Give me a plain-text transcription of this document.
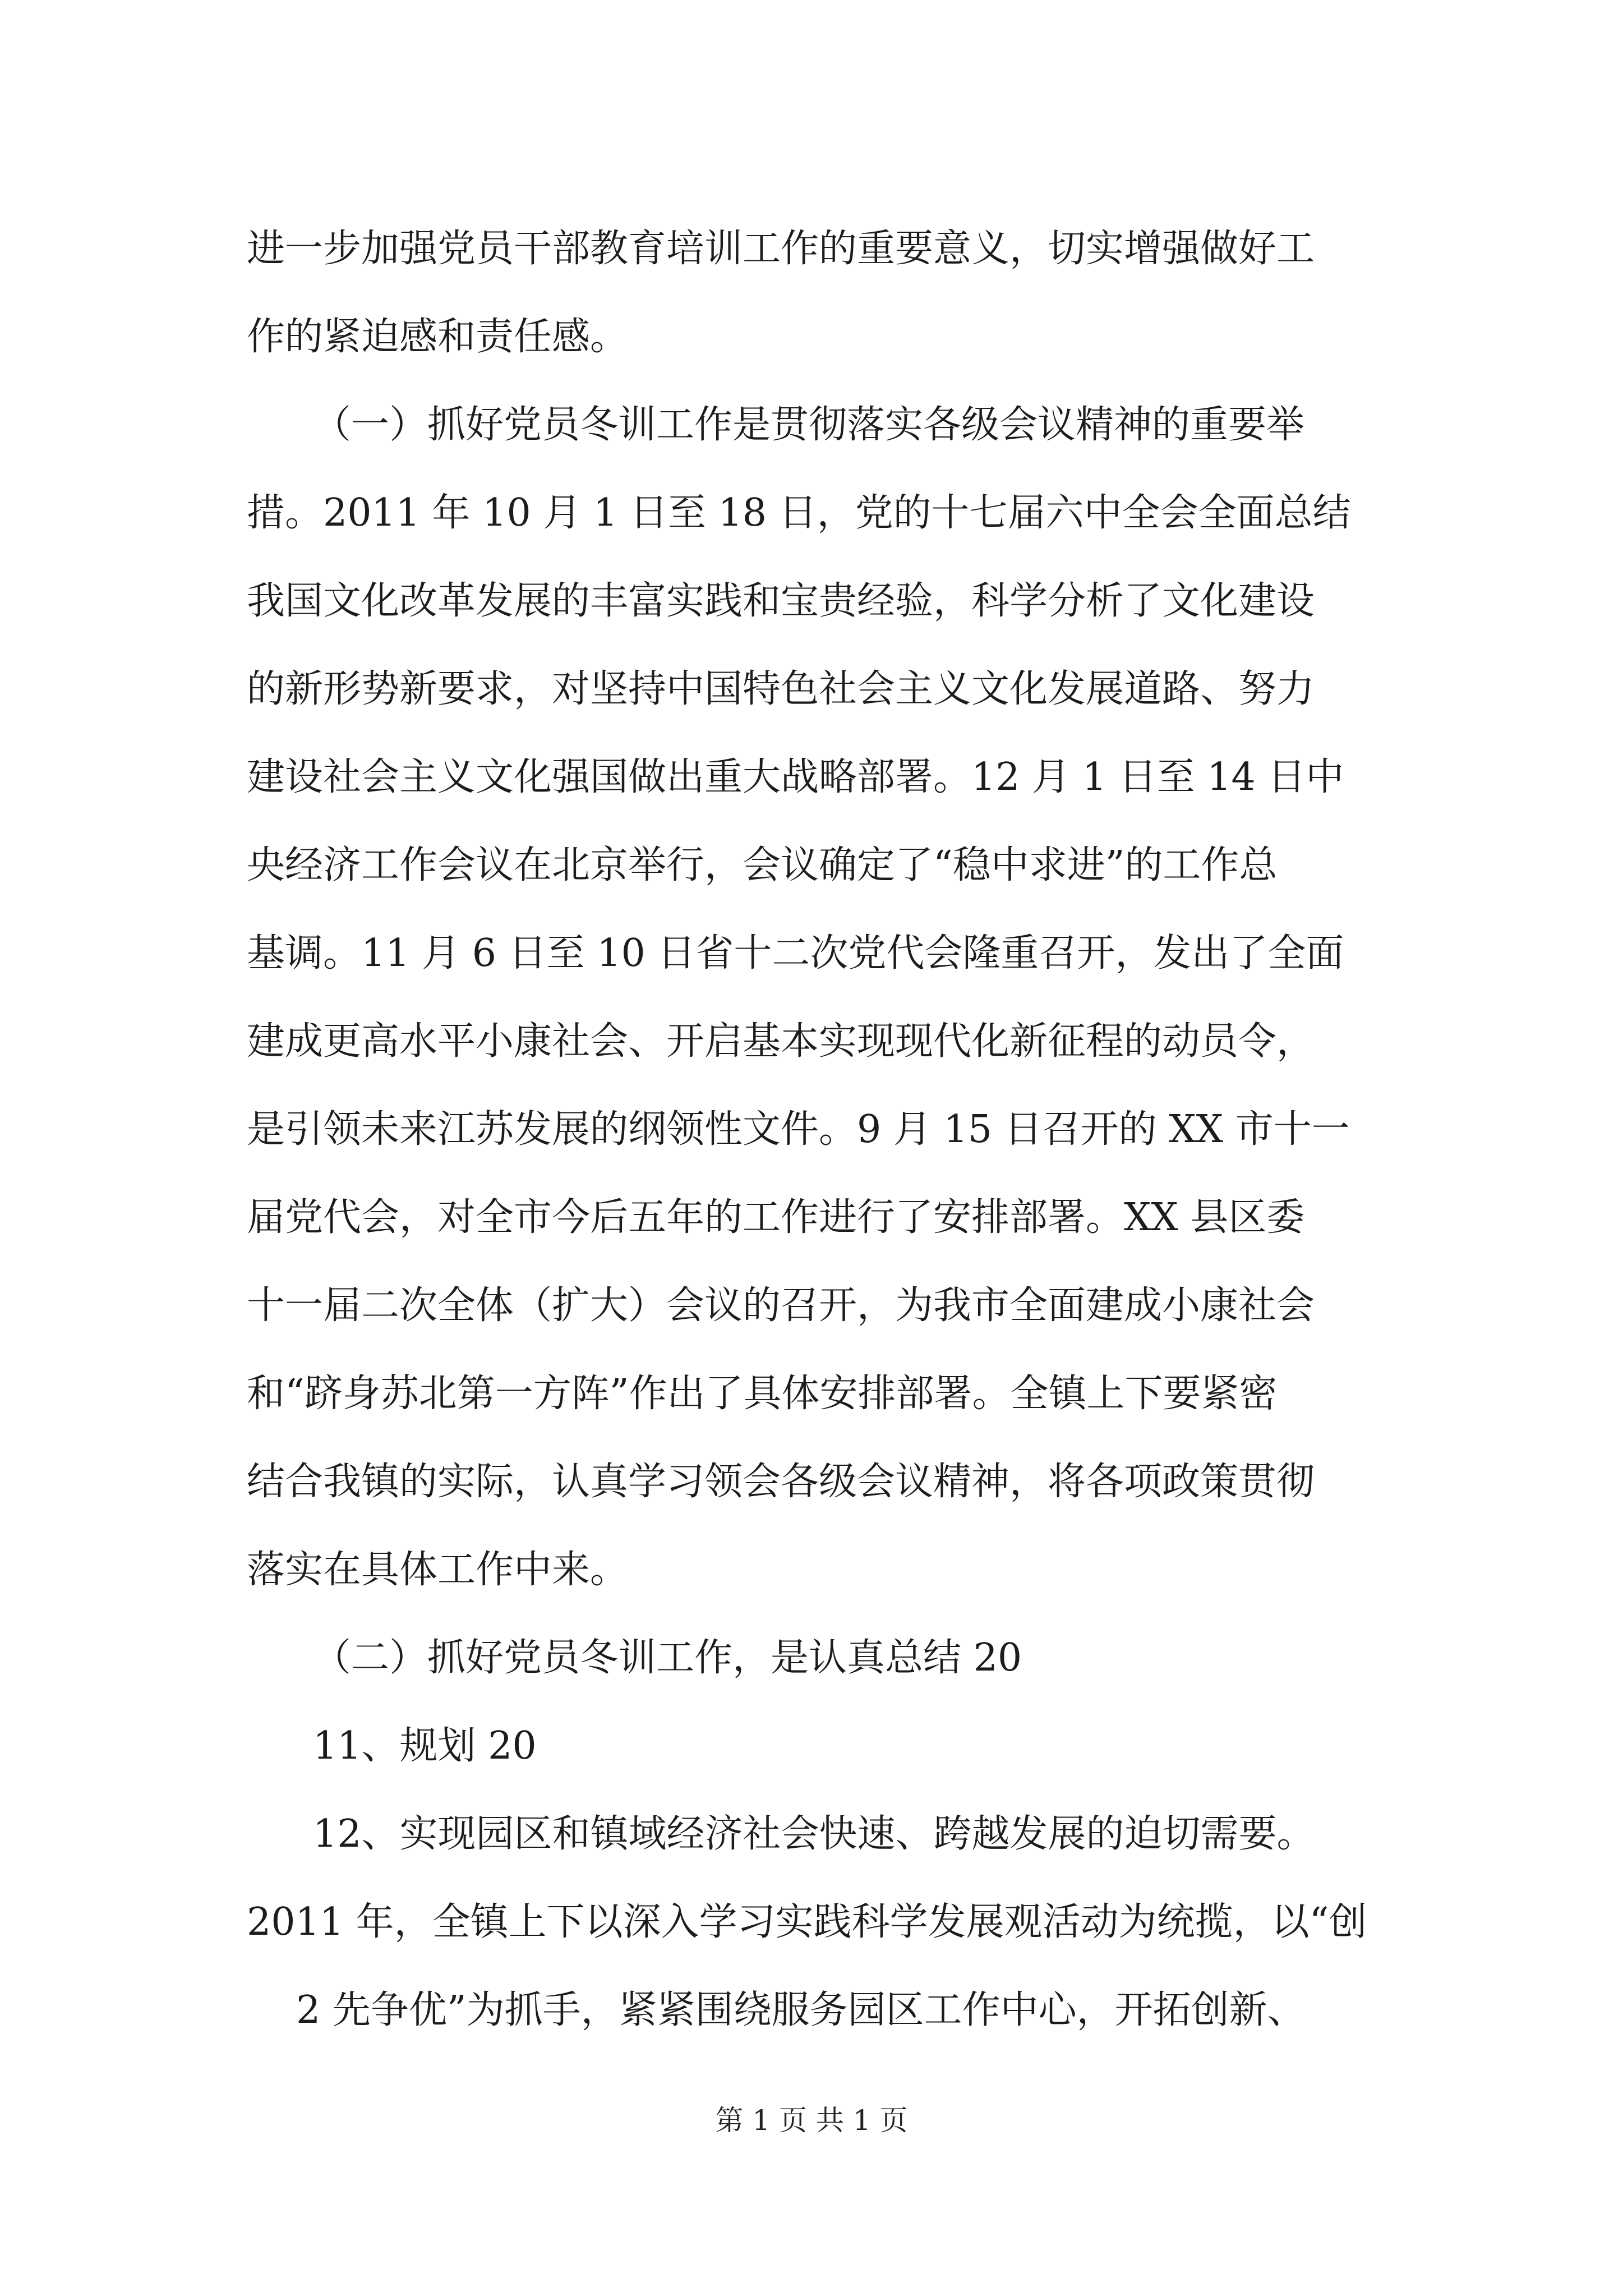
进一步加强党员干部教育培训工作的重要意义，切实增强做好工
作的紧迫感和责任感。
（一）抓好党员冬训工作是贯彻落实各级会议精神的重要举
措。2011 年 10 月 1 日至 18 日，党的十七届六中全会全面总结
我国文化改革发展的丰富实践和宝贵经验，科学分析了文化建设
的新形势新要求，对坚持中国特色社会主义文化发展道路、努力
建设社会主义文化强国做出重大战略部署。12 月 1 日至 14 日中
央经济工作会议在北京举行，会议确定了“稳中求进”的工作总
基调。11 月 6 日至 10 日省十二次党代会隆重召开，发出了全面
建成更高水平小康社会、开启基本实现现代化新征程的动员令，
是引领未来江苏发展的纲领性文件。9 月 15 日召开的 XX 市十一
届党代会，对全市今后五年的工作进行了安排部署。XX 县区委
十一届二次全体（扩大）会议的召开，为我市全面建成小康社会
和“跻身苏北第一方阵”作出了具体安排部署。全镇上下要紧密
结合我镇的实际，认真学习领会各级会议精神，将各项政策贯彻
落实在具体工作中来。
（二）抓好党员冬训工作，是认真总结 20
11、规划 20
12、实现园区和镇域经济社会快速、跨越发展的迫切需要。
2011 年，全镇上下以深入学习实践科学发展观活动为统揽，以“创
2 先争优”为抓手，紧紧围绕服务园区工作中心，开拓创新、
第 1 页 共 1 页
